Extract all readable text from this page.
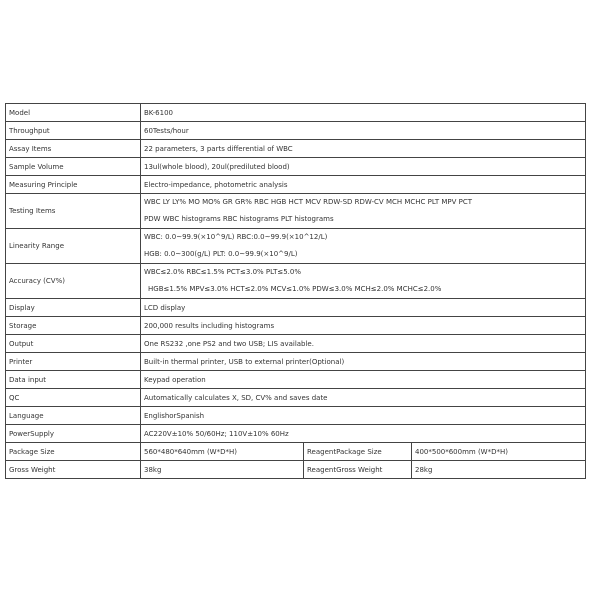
Model	BK-6100		
Throughput	60Tests/hour		
Assay Items	22 parameters, 3 parts differential of WBC		
Sample Volume	13ul(whole blood), 20ul(prediluted blood)		
Measuring Principle	Electro-impedance, photometric analysis		
Testing Items	WBC LY LY% MO MO% GR GR% RBC HGB HCT MCV RDW-SD RDW-CV MCH MCHC PLT MPV PCT
PDW WBC histograms RBC histograms PLT histograms		

Linearity Range	WBC: 0.0~99.9(×10^9/L) RBC:0.0~99.9(×10^12/L)
HGB: 0.0~300(g/L) PLT: 0.0~99.9(×10^9/L)		

Accuracy (CV%)	WBC≤2.0% RBC≤1.5% PCT≤3.0% PLT≤5.0%
HGB≤1.5% MPV≤3.0% HCT≤2.0% MCV≤1.0% PDW≤3.0% MCH≤2.0% MCHC≤2.0%		

Display	LCD display		
Storage	200,000 results including histograms		
Output	One RS232 ,one PS2 and two USB; LIS available.		
Printer	Built-in thermal printer, USB to external printer(Optional)		
Data input	Keypad operation		
QC	Automatically calculates X, SD, CV% and saves date		
Language	EnglishorSpanish		
PowerSupply	AC220V±10% 50/60Hz; 110V±10% 60Hz		
Package Size	560*480*640mm (W*D*H)	ReagentPackage Size	400*500*600mm (W*D*H)
Gross Weight	38kg	ReagentGross Weight	28kg
